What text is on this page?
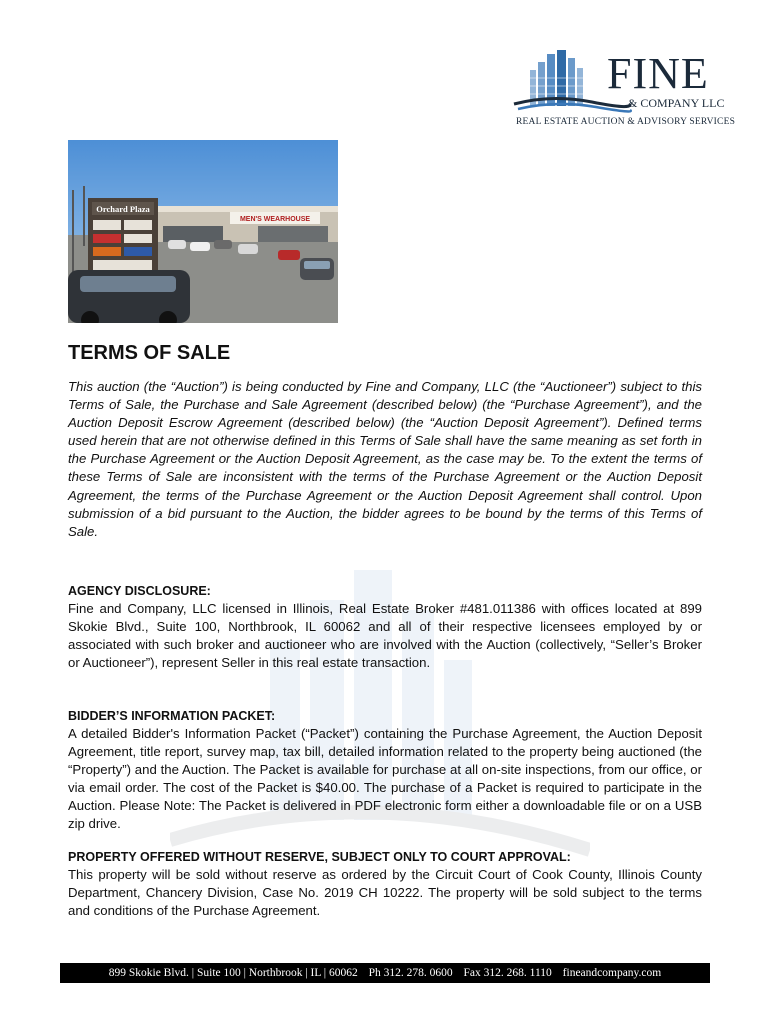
FINE
& COMPANY LLC
REAL ESTATE AUCTION & ADVISORY SERVICES
MEN'S WEARHOUSE
Orchard Plaza
TERMS OF SALE

This auction (the “Auction”) is being conducted by Fine and Company, LLC (the “Auctioneer”) subject to this Terms of Sale, the Purchase and Sale Agreement (described below) (the “Purchase Agreement”), and the Auction Deposit Escrow Agreement (described below) (the “Auction Deposit Agreement”). Defined terms used herein that are not otherwise defined in this Terms of Sale shall have the same meaning as set forth in the Purchase Agreement or the Auction Deposit Agreement, as the case may be. To the extent the terms of these Terms of Sale are inconsistent with the terms of the Purchase Agreement or the Auction Deposit Agreement, the terms of the Purchase Agreement or the Auction Deposit Agreement shall control. Upon submission of a bid pursuant to the Auction, the bidder agrees to be bound by the terms of this Terms of Sale.

AGENCY DISCLOSURE:

Fine and Company, LLC licensed in Illinois, Real Estate Broker #481.011386 with offices located at 899 Skokie Blvd., Suite 100, Northbrook, IL 60062 and all of their respective licensees employed by or associated with such broker and auctioneer who are involved with the Auction (collectively, “Seller’s Broker or Auctioneer”), represent Seller in this real estate transaction.

BIDDER’S INFORMATION PACKET:

A detailed Bidder's Information Packet (“Packet”) containing the Purchase Agreement, the Auction Deposit Agreement, title report, survey map, tax bill, detailed information related to the property being auctioned (the “Property”) and the Auction. The Packet is available for purchase at all on-site inspections, from our office, or via email order. The cost of the Packet is $40.00. The purchase of a Packet is required to participate in the Auction. Please Note: The Packet is delivered in PDF electronic form either a downloadable file or on a USB zip drive.

PROPERTY OFFERED WITHOUT RESERVE, SUBJECT ONLY TO COURT APPROVAL:

This property will be sold without reserve as ordered by the Circuit Court of Cook County, Illinois County Department, Chancery Division, Case No. 2019 CH 10222. The property will be sold subject to the terms and conditions of the Purchase Agreement.

899 Skokie Blvd. | Suite 100 | Northbrook | IL | 60062 Ph 312. 278. 0600 Fax 312. 268. 1110 fineandcompany.com
